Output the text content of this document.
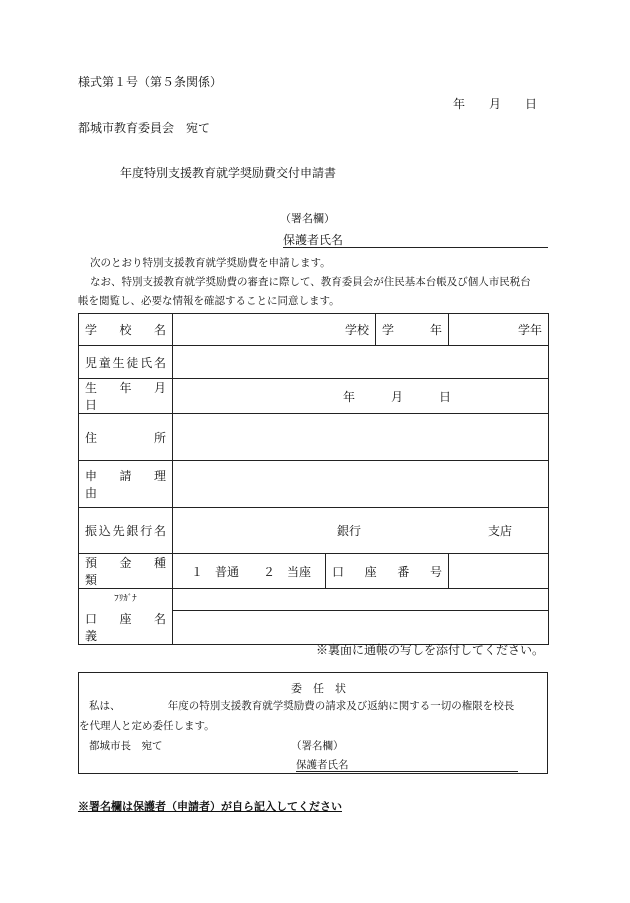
様式第１号（第５条関係）
年　　月　　日
都城市教育委員会　宛て
年度特別支援教育就学奨励費交付申請書
（署名欄）
保護者氏名
次のとおり特別支援教育就学奨励費を申請します。
なお、特別支援教育就学奨励費の審査に際して、教育委員会が住民基本台帳及び個人市民税台
帳を閲覧し、必要な情報を確認することに同意します。
学　校　名	学校		学　　年	学年

児童生徒氏名				

生　年　月　日	年　　　月　　　日			

住　　　所				

申　請　理　由				

振込先銀行名	銀行 支店			

預　金　種　類	１　普通　　２　当座	口　座　番　号		

ﾌﾘｶﾞﾅ
口　座　名　義				

※裏面に通帳の写しを添付してください。
委　任　状
私は、　　　　　年度の特別支援教育就学奨励費の請求及び返納に関する一切の権限を校長
を代理人と定め委任します。
都城市長　宛て	（署名欄）
保護者氏名
※署名欄は保護者（申請者）が自ら記入してください
